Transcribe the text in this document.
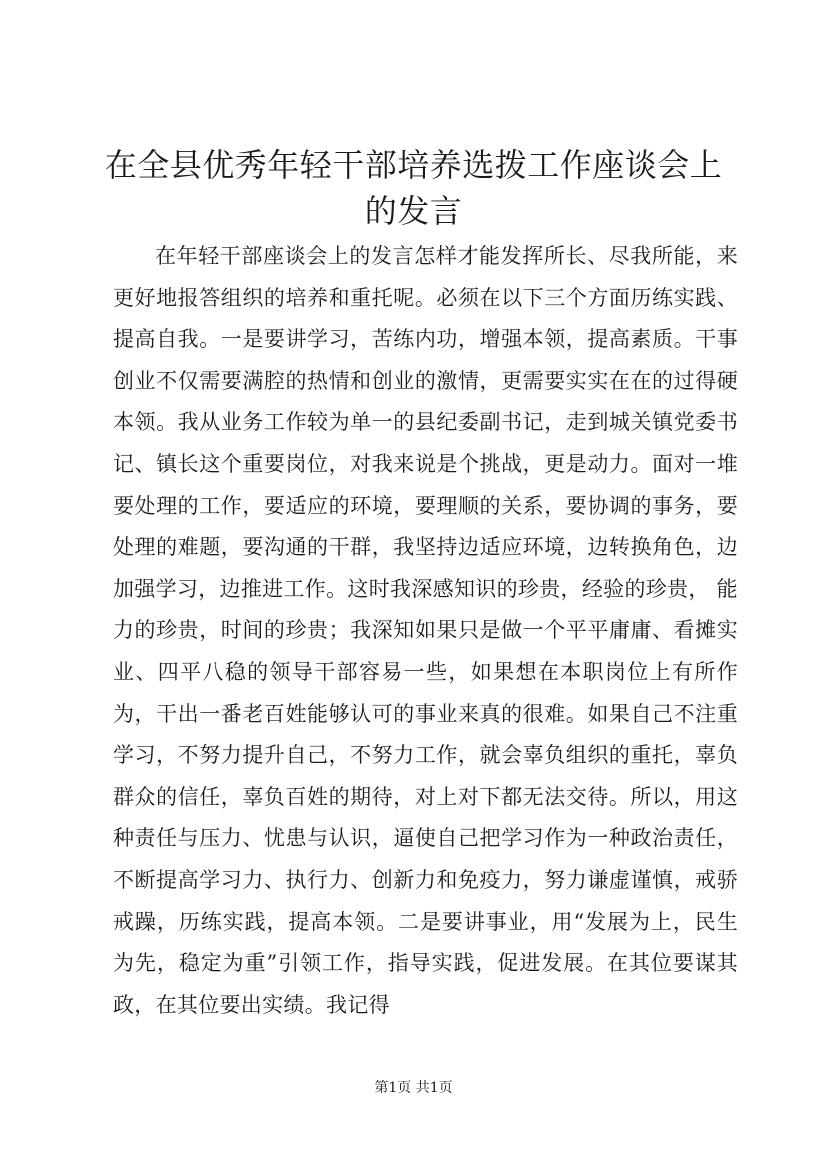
在全县优秀年轻干部培养选拨工作座谈会上的发言

在年轻干部座谈会上的发言怎样才能发挥所长、尽我所能，来更好地报答组织的培养和重托呢。必须在以下三个方面历练实践、提高自我。一是要讲学习，苦练内功，增强本领，提高素质。干事创业不仅需要满腔的热情和创业的激情，更需要实实在在的过得硬本领。我从业务工作较为单一的县纪委副书记，走到城关镇党委书记、镇长这个重要岗位，对我来说是个挑战，更是动力。面对一堆要处理的工作，要适应的环境，要理顺的关系，要协调的事务，要处理的难题，要沟通的干群，我坚持边适应环境，边转换角色，边加强学习，边推进工作。这时我深感知识的珍贵，经验的珍贵， 能力的珍贵，时间的珍贵；我深知如果只是做一个平平庸庸、看摊实业、四平八稳的领导干部容易一些，如果想在本职岗位上有所作为，干出一番老百姓能够认可的事业来真的很难。如果自己不注重学习，不努力提升自己，不努力工作，就会辜负组织的重托，辜负群众的信任，辜负百姓的期待，对上对下都无法交待。所以，用这种责任与压力、忧患与认识，逼使自己把学习作为一种政治责任，不断提高学习力、执行力、创新力和免疫力，努力谦虚谨慎，戒骄戒躁，历练实践，提高本领。二是要讲事业，用“发展为上，民生为先，稳定为重”引领工作，指导实践，促进发展。在其位要谋其政，在其位要出实绩。我记得

第1页 共1页
